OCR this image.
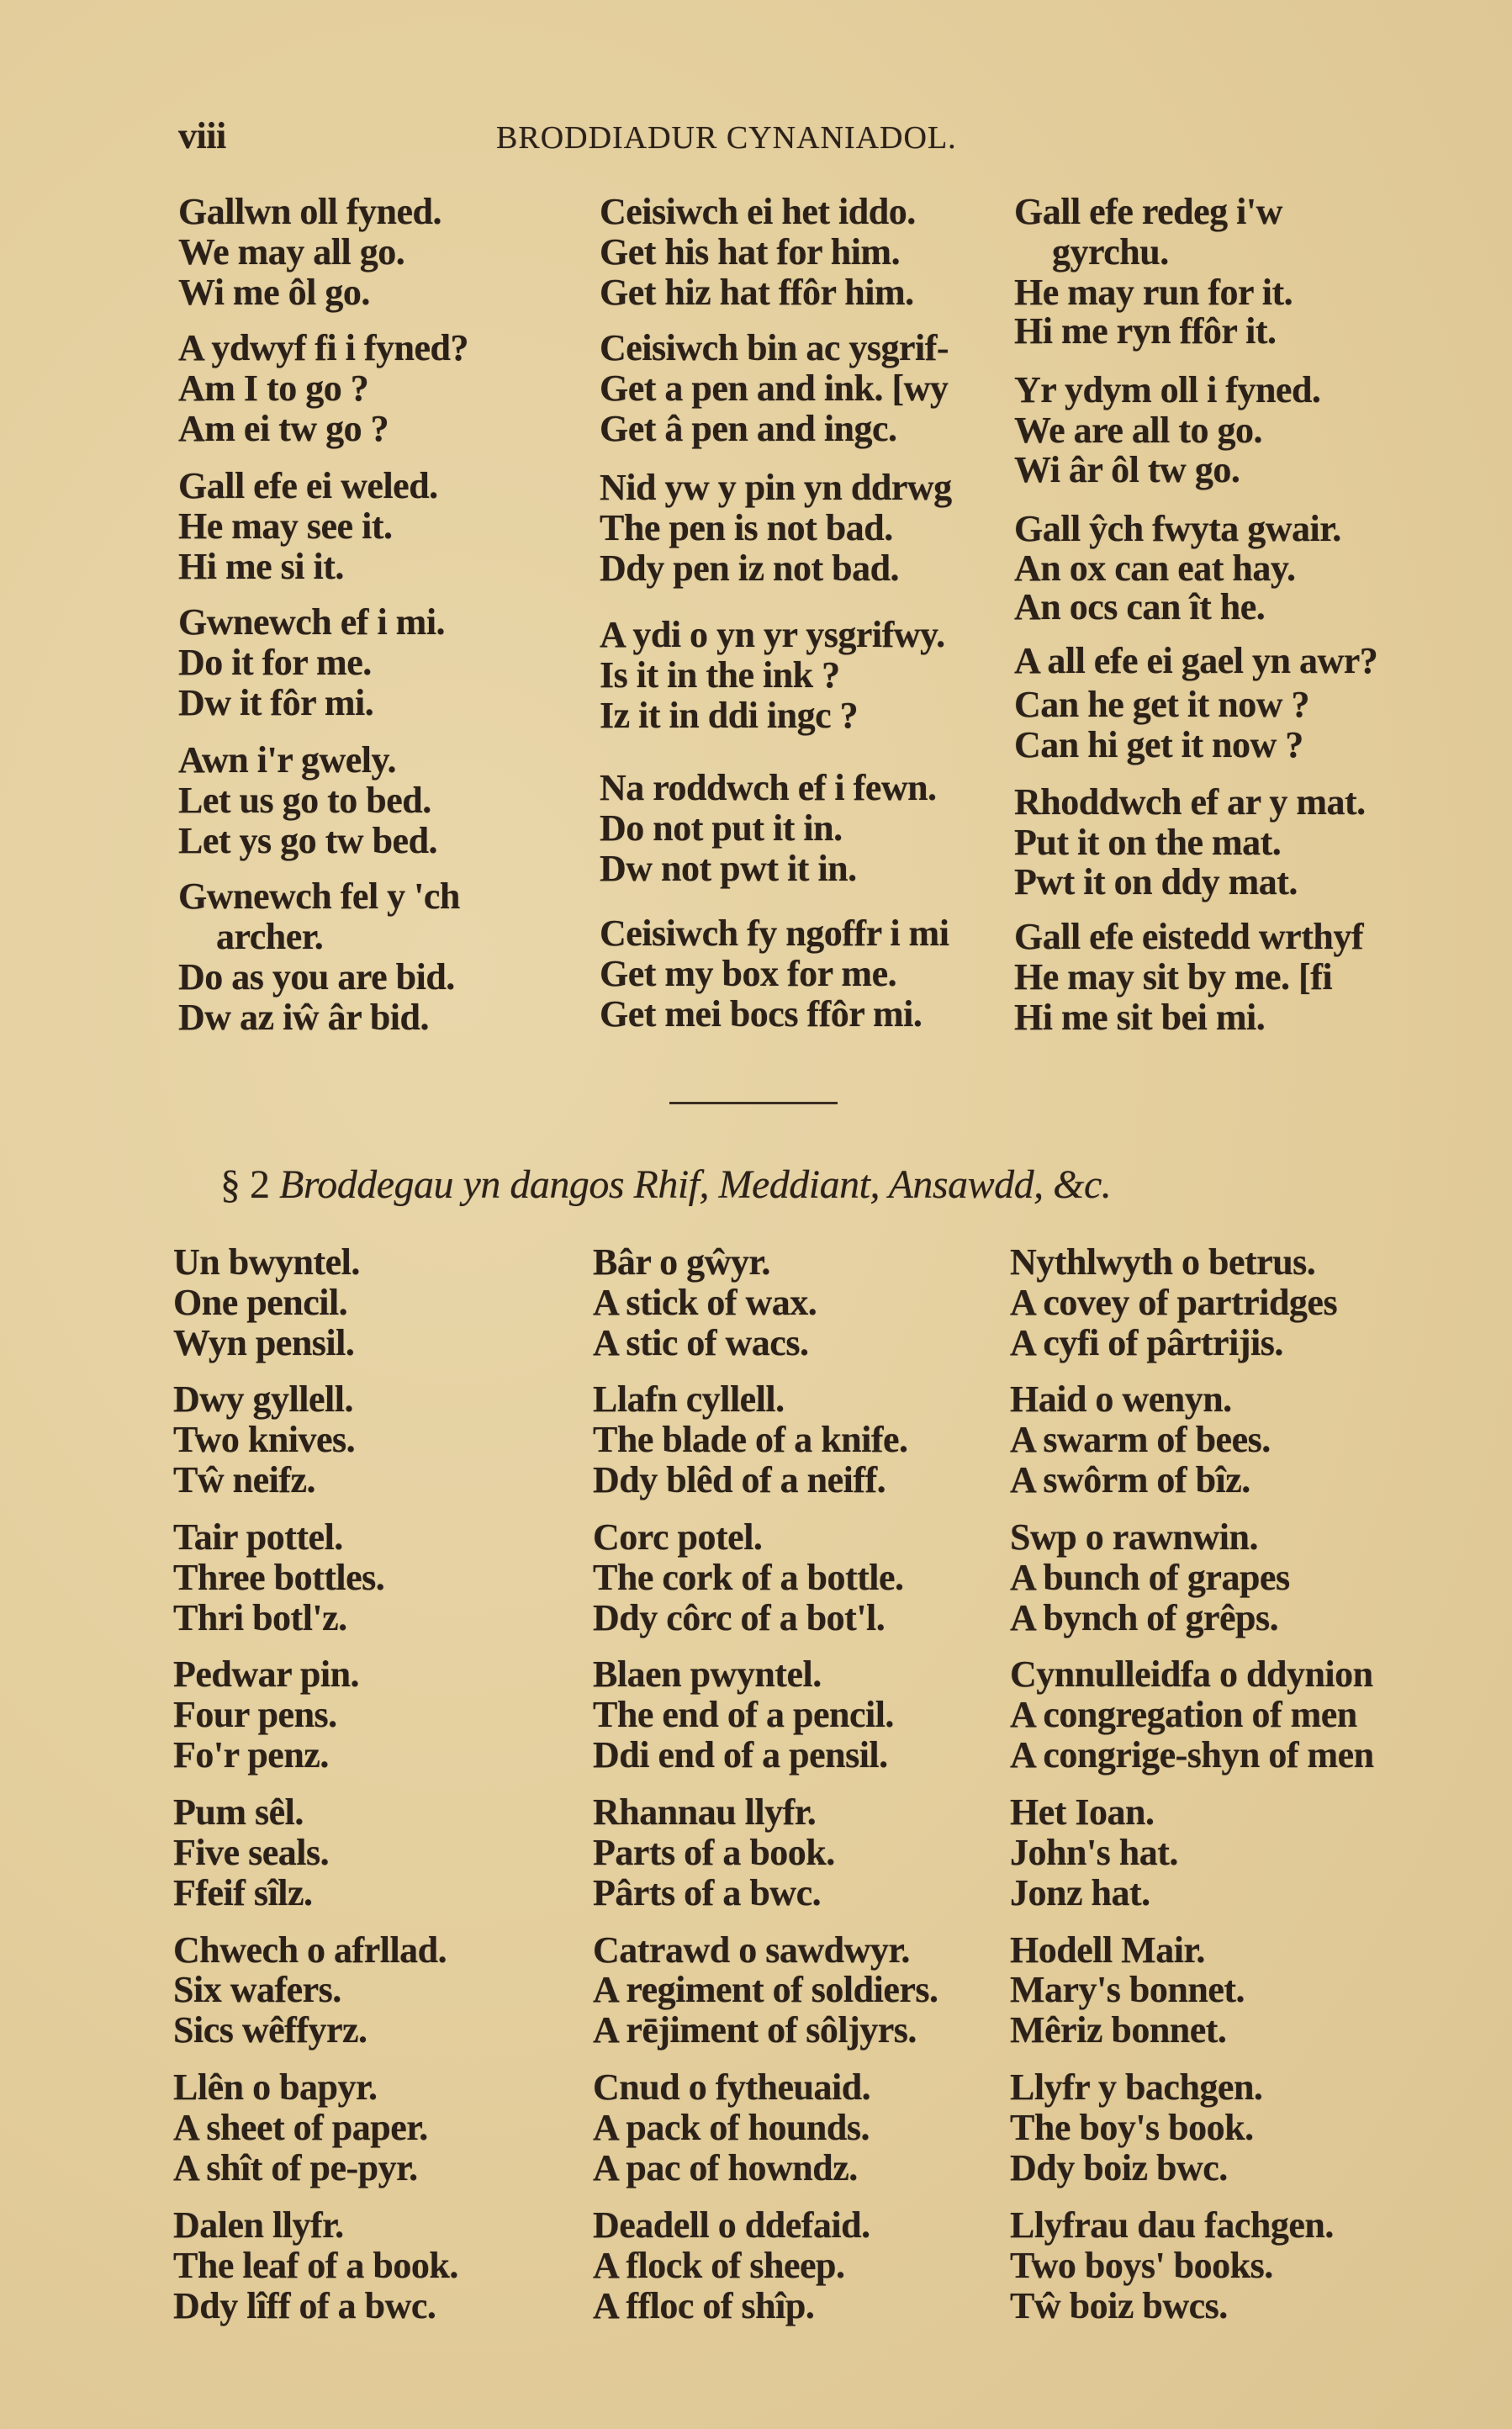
viii	BRODDIADUR CYNANIADOL.
Gallwn oll fyned.
We may all go.
Wi me ôl go.
A ydwyf fi i fyned?
Am I to go ?
Am ei tw go ?
Gall efe ei weled.
He may see it.
Hi me si it.
Gwnewch ef i mi.
Do it for me.
Dw it fôr mi.
Awn i'r gwely.
Let us go to bed.
Let ys go tw bed.
Gwnewch fel y 'ch
archer.
Do as you are bid.
Dw az iŵ âr bid.
Ceisiwch ei het iddo.
Get his hat for him.
Get hiz hat ffôr him.
Ceisiwch bin ac ysgrif-
Get a pen and ink. [wy
Get â pen and ingc.
Nid yw y pin yn ddrwg
The pen is not bad.
Ddy pen iz not bad.
A ydi o yn yr ysgrifwy.
Is it in the ink ?
Iz it in ddi ingc ?
Na roddwch ef i fewn.
Do not put it in.
Dw not pwt it in.
Ceisiwch fy ngoffr i mi
Get my box for me.
Get mei bocs ffôr mi.
Gall efe redeg i'w
gyrchu.
He may run for it.
Hi me ryn ffôr it.
Yr ydym oll i fyned.
We are all to go.
Wi âr ôl tw go.
Gall ŷch fwyta gwair.
An ox can eat hay.
An ocs can ît he.
A all efe ei gael yn awr?
Can he get it now ?
Can hi get it now ?
Rhoddwch ef ar y mat.
Put it on the mat.
Pwt it on ddy mat.
Gall efe eistedd wrthyf
He may sit by me. [fi
Hi me sit bei mi.
§ 2 Broddegau yn dangos Rhif, Meddiant, Ansawdd, &c.
Un bwyntel.
One pencil.
Wyn pensil.
Dwy gyllell.
Two knives.
Tŵ neifz.
Tair pottel.
Three bottles.
Thri botl'z.
Pedwar pin.
Four pens.
Fo'r penz.
Pum sêl.
Five seals.
Ffeif sîlz.
Chwech o afrllad.
Six wafers.
Sics wêffyrz.
Llên o bapyr.
A sheet of paper.
A shît of pe-pyr.
Dalen llyfr.
The leaf of a book.
Ddy lîff of a bwc.
Bâr o gŵyr.
A stick of wax.
A stic of wacs.
Llafn cyllell.
The blade of a knife.
Ddy blêd of a neiff.
Corc potel.
The cork of a bottle.
Ddy côrc of a bot'l.
Blaen pwyntel.
The end of a pencil.
Ddi end of a pensil.
Rhannau llyfr.
Parts of a book.
Pârts of a bwc.
Catrawd o sawdwyr.
A regiment of soldiers.
A rējiment of sôljyrs.
Cnud o fytheuaid.
A pack of hounds.
A pac of howndz.
Deadell o ddefaid.
A flock of sheep.
A ffloc of shîp.
Nythlwyth o betrus.
A covey of partridges
A cyfi of pârtrijis.
Haid o wenyn.
A swarm of bees.
A swôrm of bîz.
Swp o rawnwin.
A bunch of grapes
A bynch of grêps.
Cynnulleidfa o ddynion
A congregation of men
A congrige-shyn of men
Het Ioan.
John's hat.
Jonz hat.
Hodell Mair.
Mary's bonnet.
Mêriz bonnet.
Llyfr y bachgen.
The boy's book.
Ddy boiz bwc.
Llyfrau dau fachgen.
Two boys' books.
Tŵ boiz bwcs.
